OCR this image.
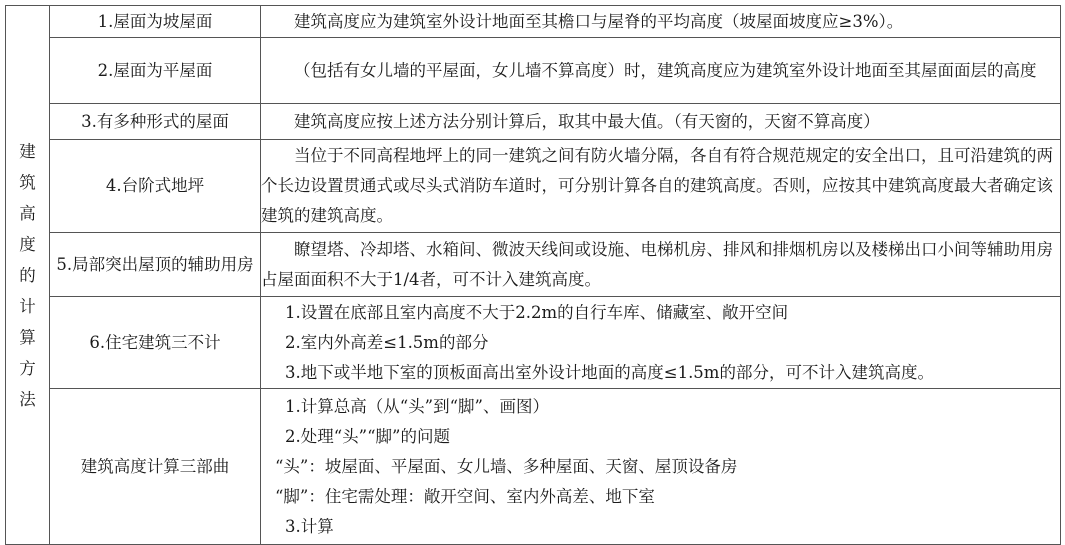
建筑高度的计算方法	1.屋面为坡屋面	建筑高度应为建筑室外设计地面至其檐口与屋脊的平均高度（坡屋面坡度应≥3%）。
	2.屋面为平屋面	（包括有女儿墙的平屋面，女儿墙不算高度）时，建筑高度应为建筑室外设计地面至其屋面面层的高度
	3.有多种形式的屋面	建筑高度应按上述方法分别计算后，取其中最大值。（有天窗的，天窗不算高度）
	4.台阶式地坪	当位于不同高程地坪上的同一建筑之间有防火墙分隔，各自有符合规范规定的安全出口，且可沿建筑的两个长边设置贯通式或尽头式消防车道时，可分别计算各自的建筑高度。否则，应按其中建筑高度最大者确定该建筑的建筑高度。
	5.局部突出屋顶的辅助用房	瞭望塔、冷却塔、水箱间、微波天线间或设施、电梯机房、排风和排烟机房以及楼梯出口小间等辅助用房占屋面面积不大于1/4者，可不计入建筑高度。
	6.住宅建筑三不计	1.设置在底部且室内高度不大于2.2m的自行车库、储藏室、敞开空间
2.室内外高差≤1.5m的部分
3.地下或半地下室的顶板面高出室外设计地面的高度≤1.5m的部分，可不计入建筑高度。

	建筑高度计算三部曲	1.计算总高（从“头”到“脚”、画图）
2.处理“头”“脚”的问题
“头”：坡屋面、平屋面、女儿墙、多种屋面、天窗、屋顶设备房
“脚”：住宅需处理：敞开空间、室内外高差、地下室
3.计算
